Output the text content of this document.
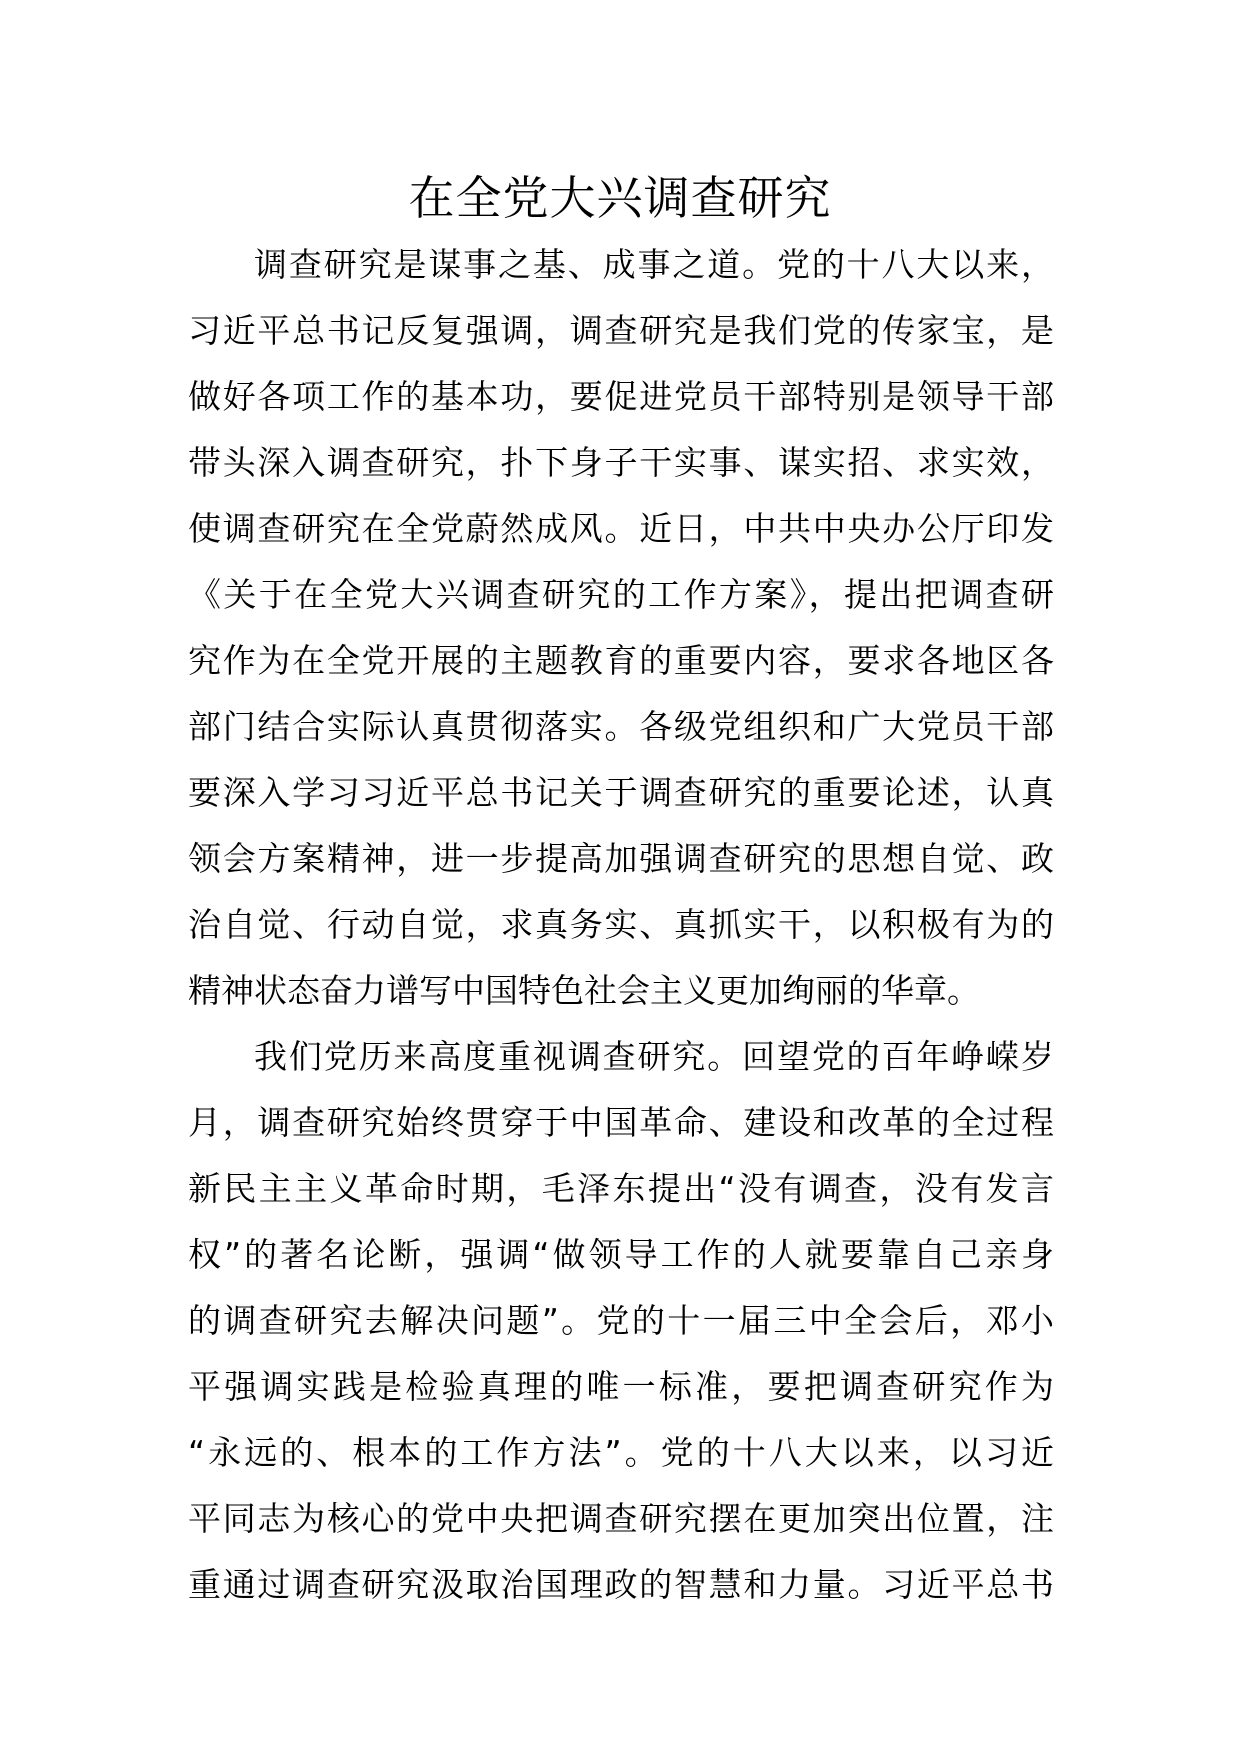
在全党大兴调查研究
调查研究是谋事之基、成事之道。党的十八大以来，
习近平总书记反复强调，调查研究是我们党的传家宝，是
做好各项工作的基本功，要促进党员干部特别是领导干部
带头深入调查研究，扑下身子干实事、谋实招、求实效，
使调查研究在全党蔚然成风。近日，中共中央办公厅印发
《关于在全党大兴调查研究的工作方案》，提出把调查研
究作为在全党开展的主题教育的重要内容，要求各地区各
部门结合实际认真贯彻落实。各级党组织和广大党员干部
要深入学习习近平总书记关于调查研究的重要论述，认真
领会方案精神，进一步提高加强调查研究的思想自觉、政
治自觉、行动自觉，求真务实、真抓实干，以积极有为的
精神状态奋力谱写中国特色社会主义更加绚丽的华章。
我们党历来高度重视调查研究。回望党的百年峥嵘岁
月，调查研究始终贯穿于中国革命、建设和改革的全过程
新民主主义革命时期，毛泽东提出“没有调查，没有发言
权”的著名论断，强调“做领导工作的人就要靠自己亲身
的调查研究去解决问题”。党的十一届三中全会后，邓小
平强调实践是检验真理的唯一标准，要把调查研究作为
“永远的、根本的工作方法”。党的十八大以来，以习近
平同志为核心的党中央把调查研究摆在更加突出位置，注
重通过调查研究汲取治国理政的智慧和力量。习近平总书
